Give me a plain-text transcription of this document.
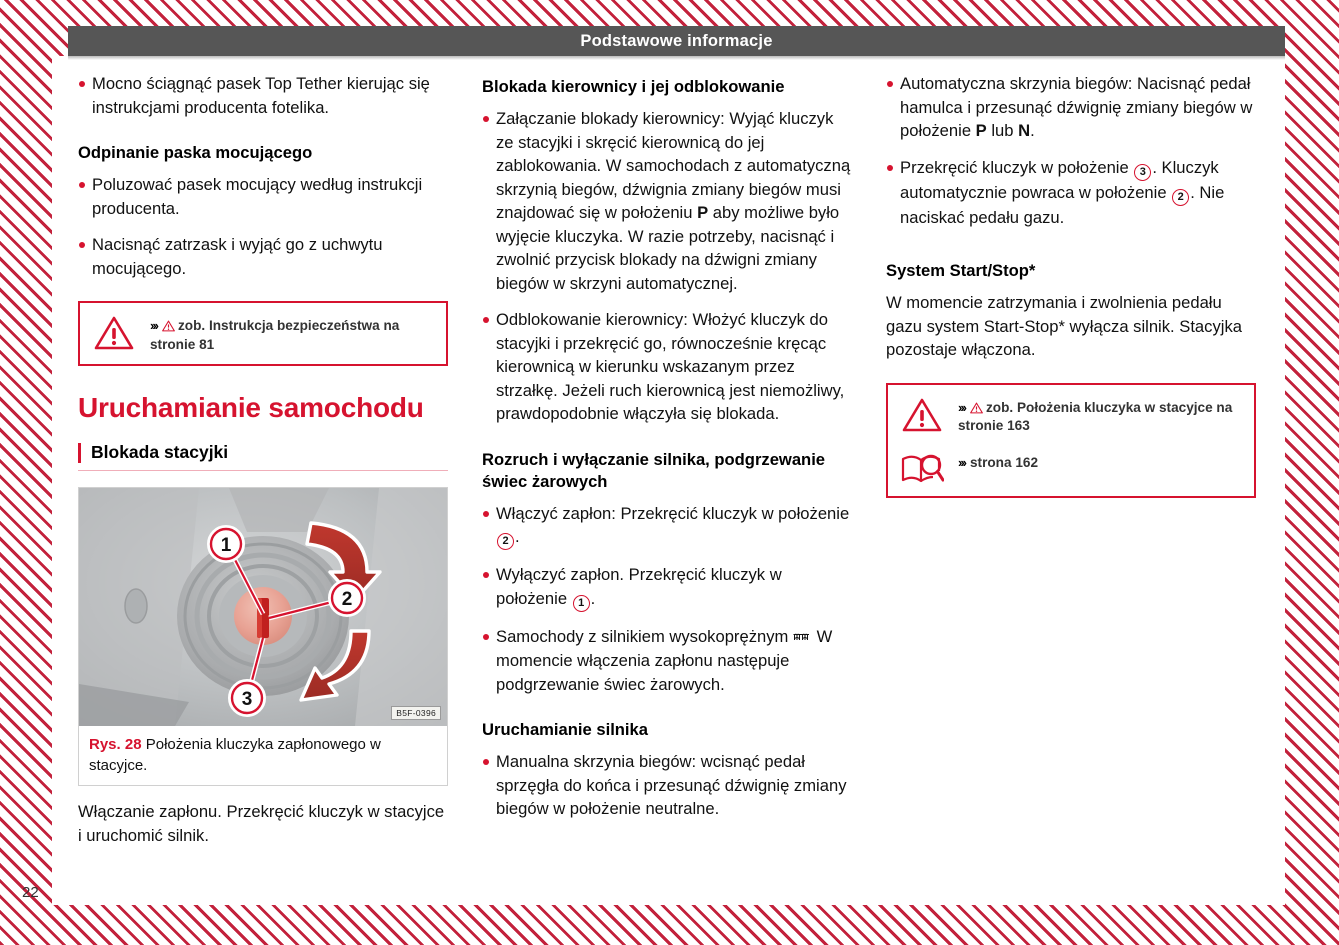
Podstawowe informacje
Mocno ściągnąć pasek Top Tether kierując się instrukcjami producenta fotelika.
Odpinanie paska mocującego
Poluzować pasek mocujący według instrukcji producenta.
Nacisnąć zatrzask i wyjąć go z uchwytu mocującego.
››› zob. Instrukcja bezpieczeństwa na stronie 81
Uruchamianie samochodu
Blokada stacyjki
1
2
3
B5F-0396
Rys. 28 Położenia kluczyka zapłonowego w stacyjce.
Włączanie zapłonu. Przekręcić kluczyk w stacyjce i uruchomić silnik.
Blokada kierownicy i jej odblokowanie
Załączanie blokady kierownicy: Wyjąć kluczyk ze stacyjki i skręcić kierownicą do jej zablokowania. W samochodach z automatyczną skrzynią biegów, dźwignia zmiany biegów musi znajdować się w położeniu P aby możliwe było wyjęcie kluczyka. W razie potrzeby, nacisnąć i zwolnić przycisk blokady na dźwigni zmiany biegów w skrzyni automatycznej.
Odblokowanie kierownicy: Włożyć kluczyk do stacyjki i przekręcić go, równocześnie kręcąc kierownicą w kierunku wskazanym przez strzałkę. Jeżeli ruch kierownicą jest niemożliwy, prawdopodobnie włączyła się blokada.
Rozruch i wyłączanie silnika, podgrzewanie świec żarowych
Włączyć zapłon: Przekręcić kluczyk w położenie 2 .
Wyłączyć zapłon. Przekręcić kluczyk w położenie 1 .
Samochody z silnikiem wysokoprężnym  W momencie włączenia zapłonu następuje podgrzewanie świec żarowych.
Uruchamianie silnika
Manualna skrzynia biegów: wcisnąć pedał sprzęgła do końca i przesunąć dźwignię zmiany biegów w położenie neutralne.
Automatyczna skrzynia biegów: Nacisnąć pedał hamulca i przesunąć dźwignię zmiany biegów w położenie P lub N.
Przekręcić kluczyk w położenie 3 . Kluczyk automatycznie powraca w położenie 2 . Nie naciskać pedału gazu.
System Start/Stop*
W momencie zatrzymania i zwolnienia pedału gazu system Start-Stop* wyłącza silnik. Stacyjka pozostaje włączona.
››› zob. Położenia kluczyka w stacyjce na stronie 163
››› strona 162
22
